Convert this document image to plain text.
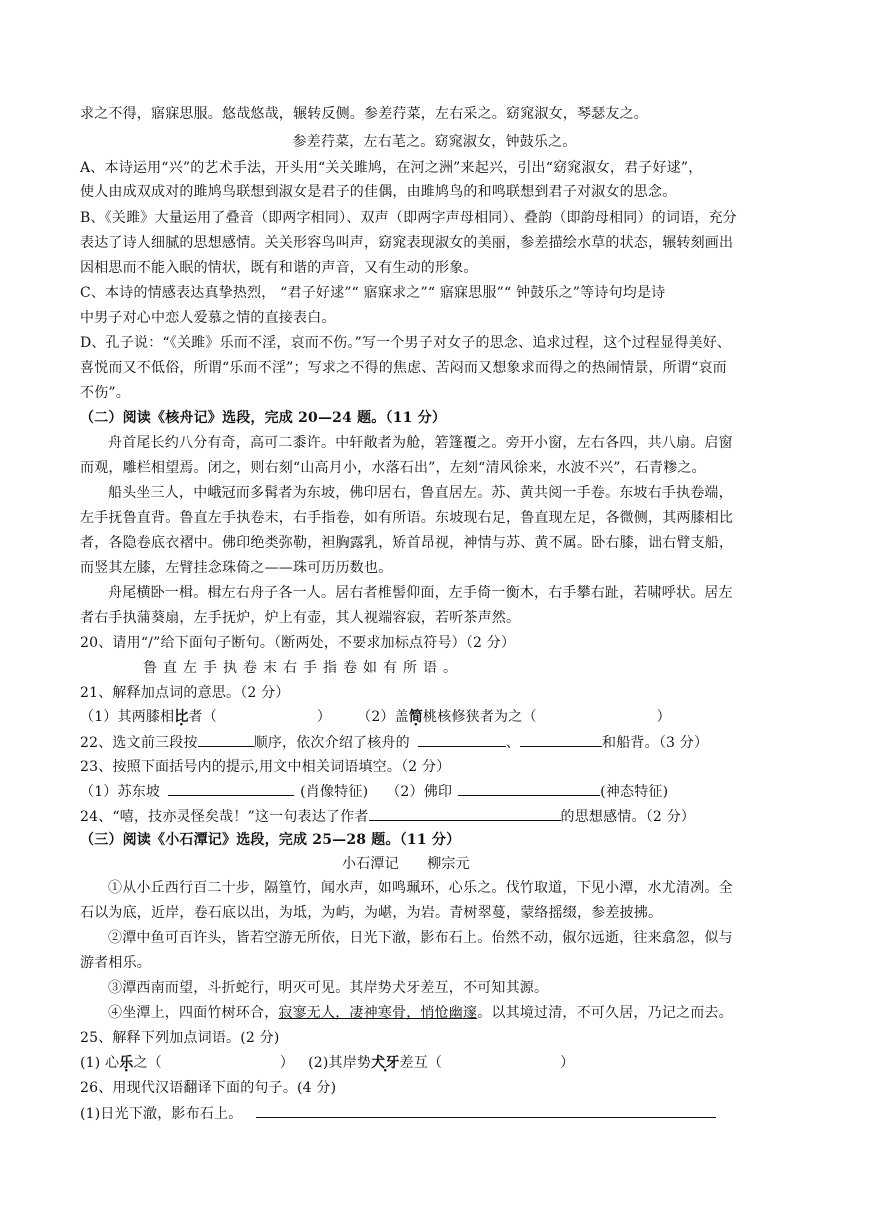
求之不得，寤寐思服。悠哉悠哉，辗转反侧。参差荇菜，左右采之。窈窕淑女，琴瑟友之。
参差荇菜，左右芼之。窈窕淑女，钟鼓乐之。
A、本诗运用“兴”的艺术手法，开头用“关关雎鸠，在河之洲”来起兴，引出“窈窕淑女，君子好逑”，
使人由成双成对的雎鸠鸟联想到淑女是君子的佳偶，由雎鸠鸟的和鸣联想到君子对淑女的思念。
B、《关雎》大量运用了叠音（即两字相同）、双声（即两字声母相同）、叠韵（即韵母相同）的词语，充分
表达了诗人细腻的思想感情。关关形容鸟叫声，窈窕表现淑女的美丽，参差描绘水草的状态，辗转刻画出
因相思而不能入眠的情状，既有和谐的声音，又有生动的形象。
C、本诗的情感表达真挚热烈， “君子好逑”“ 寤寐求之”“ 寤寐思服”“ 钟鼓乐之”等诗句均是诗
中男子对心中恋人爱慕之情的直接表白。
D、孔子说：“《关雎》乐而不淫，哀而不伤。”写一个男子对女子的思念、追求过程，这个过程显得美好、
喜悦而又不低俗，所谓“乐而不淫”；写求之不得的焦虑、苦闷而又想象求而得之的热闹情景，所谓“哀而
不伤”。
（二）阅读《核舟记》选段，完成 20—24 题。（11 分）
舟首尾长约八分有奇，高可二黍许。中轩敞者为舱，箬篷覆之。旁开小窗，左右各四，共八扇。启窗
而观，雕栏相望焉。闭之，则右刻“山高月小，水落石出”，左刻“清风徐来，水波不兴”，石青糁之。
船头坐三人，中峨冠而多髯者为东坡，佛印居右，鲁直居左。苏、黄共阅一手卷。东坡右手执卷端，
左手抚鲁直背。鲁直左手执卷末，右手指卷，如有所语。东坡现右足，鲁直现左足，各微侧，其两膝相比
者，各隐卷底衣褶中。佛印绝类弥勒，袒胸露乳，矫首昂视，神情与苏、黄不属。卧右膝，诎右臂支船，
而竖其左膝，左臂挂念珠倚之——珠可历历数也。
舟尾横卧一楫。楫左右舟子各一人。居右者椎髻仰面，左手倚一衡木，右手攀右趾，若啸呼状。居左
者右手执蒲葵扇，左手抚炉，炉上有壶，其人视端容寂，若听茶声然。
20、请用“/”给下面句子断句。（断两处，不要求加标点符号）（2 分）
鲁直左手执卷末右手指卷如有所语。
21、解释加点词的意思。（2 分）
（1）其两膝相比者（	） （2）盖简桃核修狭者为之（	）
22、选文前三段按	顺序，依次介绍了核舟的	、	和船背。（3 分）
23、按照下面括号内的提示,用文中相关词语填空。（2 分）
（1）苏东坡	(肖像特征) （2）佛印	(神态特征)
24、“嘻，技亦灵怪矣哉！”这一句表达了作者	的思想感情。（2 分）
（三）阅读《小石潭记》选段，完成 25—28 题。（11 分）
小石潭记　　柳宗元
①从小丘西行百二十步，隔篁竹，闻水声，如鸣珮环，心乐之。伐竹取道，下见小潭，水尤清冽。全
石以为底，近岸，卷石底以出，为坻，为屿，为嵁，为岩。青树翠蔓，蒙络摇缀，参差披拂。
②潭中鱼可百许头，皆若空游无所依，日光下澈，影布石上。佁然不动，俶尔远逝，往来翕忽，似与
游者相乐。
③潭西南而望，斗折蛇行，明灭可见。其岸势犬牙差互，不可知其源。
④坐潭上，四面竹树环合，寂寥无人，凄神寒骨，悄怆幽邃。以其境过清，不可久居，乃记之而去。
25、解释下列加点词语。(2 分)
(1) 心乐之（	） (2)其岸势犬牙差互（	）
26、用现代汉语翻译下面的句子。(4 分)
(1)日光下澈，影布石上。
